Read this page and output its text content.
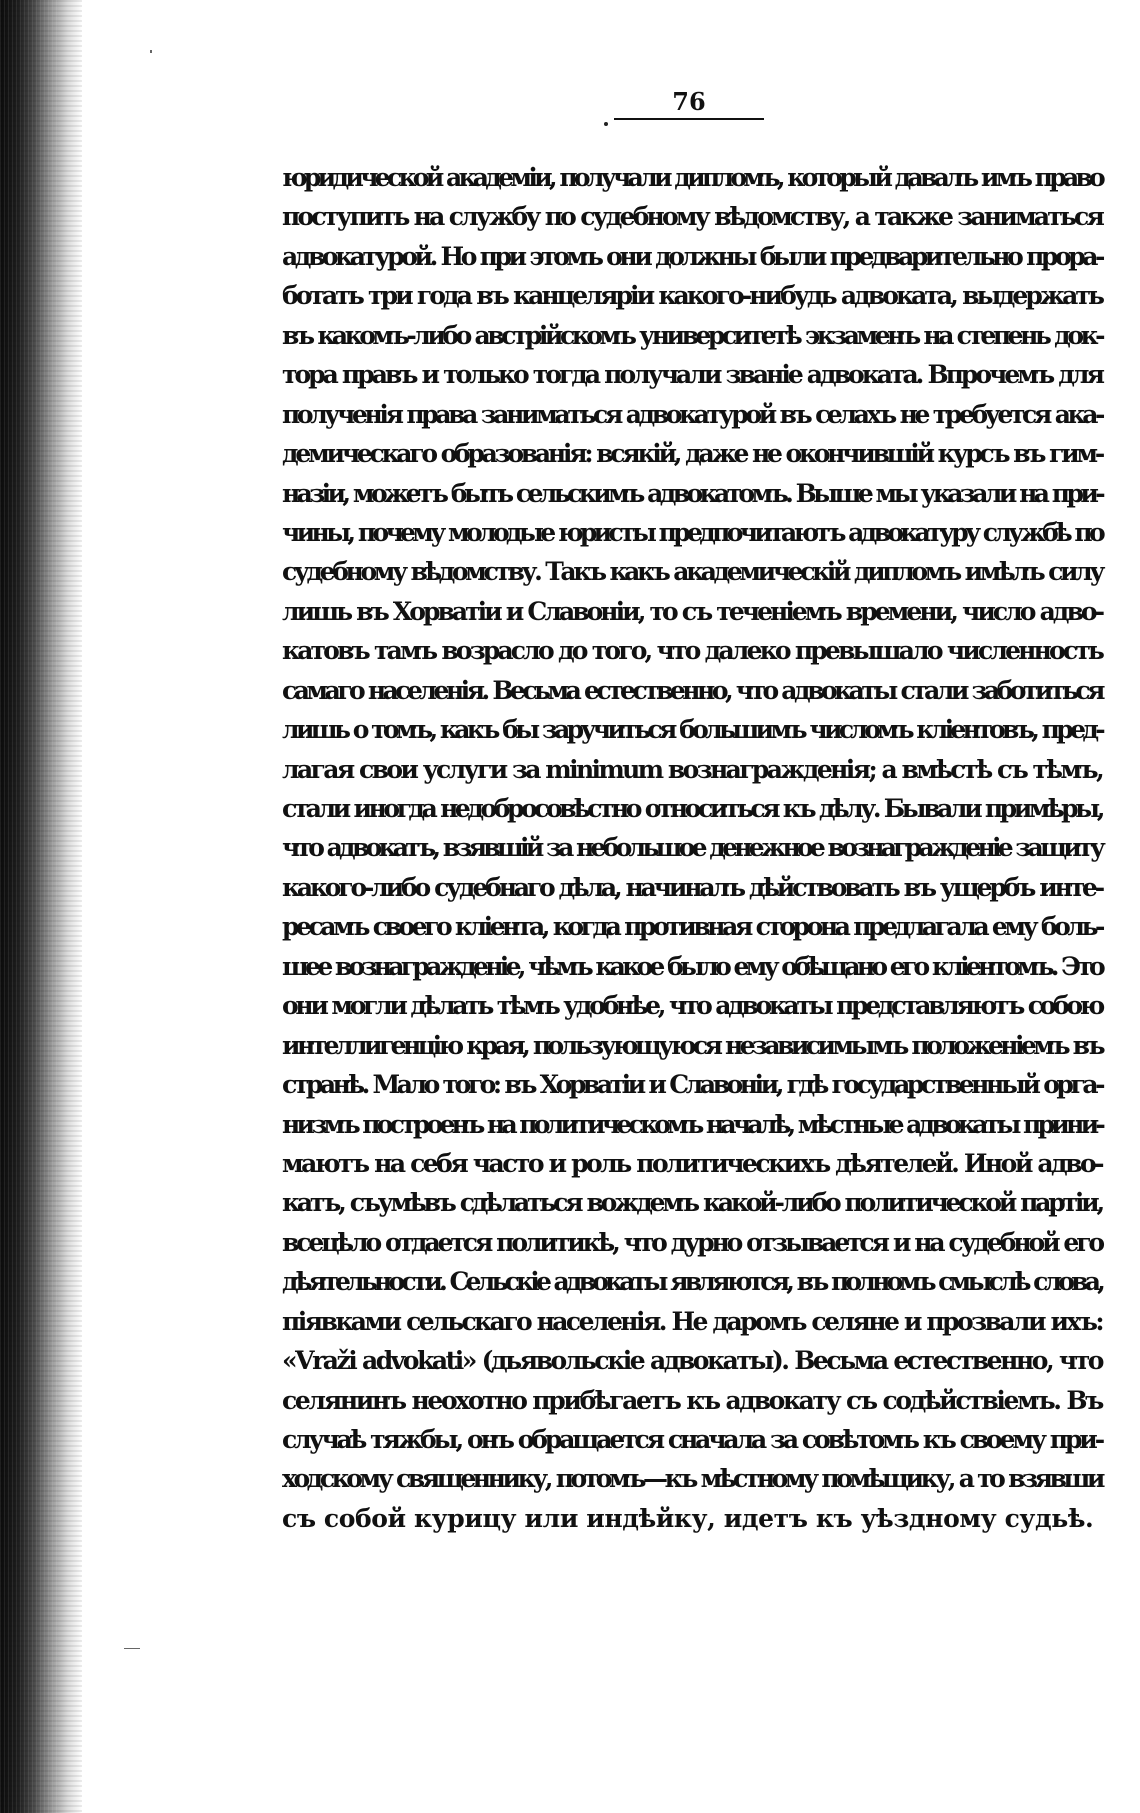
76
юридической академіи, получали дипломъ, который давалъ имъ право
поступить на службу по судебному вѣдомству, а также заниматься
адвокатурой. Но при этомъ они должны были предварительно прора-
ботать три года въ канцеляріи какого-нибудь адвоката, выдержать
въ какомъ-либо австрійскомъ университетѣ экзаменъ на степень док-
тора правъ и только тогда получали званіе адвоката. Впрочемъ для
полученія права заниматься адвокатурой въ селахъ не требуется ака-
демическаго образованія: всякій, даже не окончившій курсъ въ гим-
назіи, можетъ быть сельскимъ адвокатомъ. Выше мы указали на при-
чины, почему молодые юристы предпочитаютъ адвокатуру службѣ по
судебному вѣдомству. Такъ какъ академическій дипломъ имѣлъ силу
лишь въ Хорватіи и Славоніи, то съ теченіемъ времени, число адво-
катовъ тамъ возрасло до того, что далеко превышало численность
самаго населенія. Весьма естественно, что адвокаты стали заботиться
лишь о томъ, какъ бы заручиться большимъ числомъ кліентовъ, пред-
лагая свои услуги за minimum вознагражденія; а вмѣстѣ съ тѣмъ,
стали иногда недобросовѣстно относиться къ дѣлу. Бывали примѣры,
что адвокатъ, взявшій за небольшое денежное вознагражденіе защиту
какого-либо судебнаго дѣла, начиналъ дѣйствовать въ ущербъ инте-
ресамъ своего кліента, когда противная сторона предлагала ему боль-
шее вознагражденіе, чѣмъ какое было ему обѣщано его кліентомъ. Это
они могли дѣлать тѣмъ удобнѣе, что адвокаты представляютъ собою
интеллигенцію края, пользующуюся независимымъ положеніемъ въ
странѣ. Мало того: въ Хорватіи и Славоніи, гдѣ государственный орга-
низмъ построенъ на политическомъ началѣ, мѣстные адвокаты прини-
маютъ на себя часто и роль политическихъ дѣятелей. Иной адво-
катъ, съумѣвъ сдѣлаться вождемъ какой-либо политической партіи,
всецѣло отдается политикѣ, что дурно отзывается и на судебной его
дѣятельности. Сельскіе адвокаты являются, въ полномъ смыслѣ слова,
піявками сельскаго населенія. Не даромъ селяне и прозвали ихъ:
«Vraži advokati» (дьявольскіе адвокаты). Весьма естественно, что
селянинъ неохотно прибѣгаетъ къ адвокату съ содѣйствіемъ. Въ
случаѣ тяжбы, онъ обращается сначала за совѣтомъ къ своему при-
ходскому священнику, потомъ—къ мѣстному помѣщику, а то взявши
съ собой курицу или индѣйку, идетъ къ уѣздному судьѣ.
